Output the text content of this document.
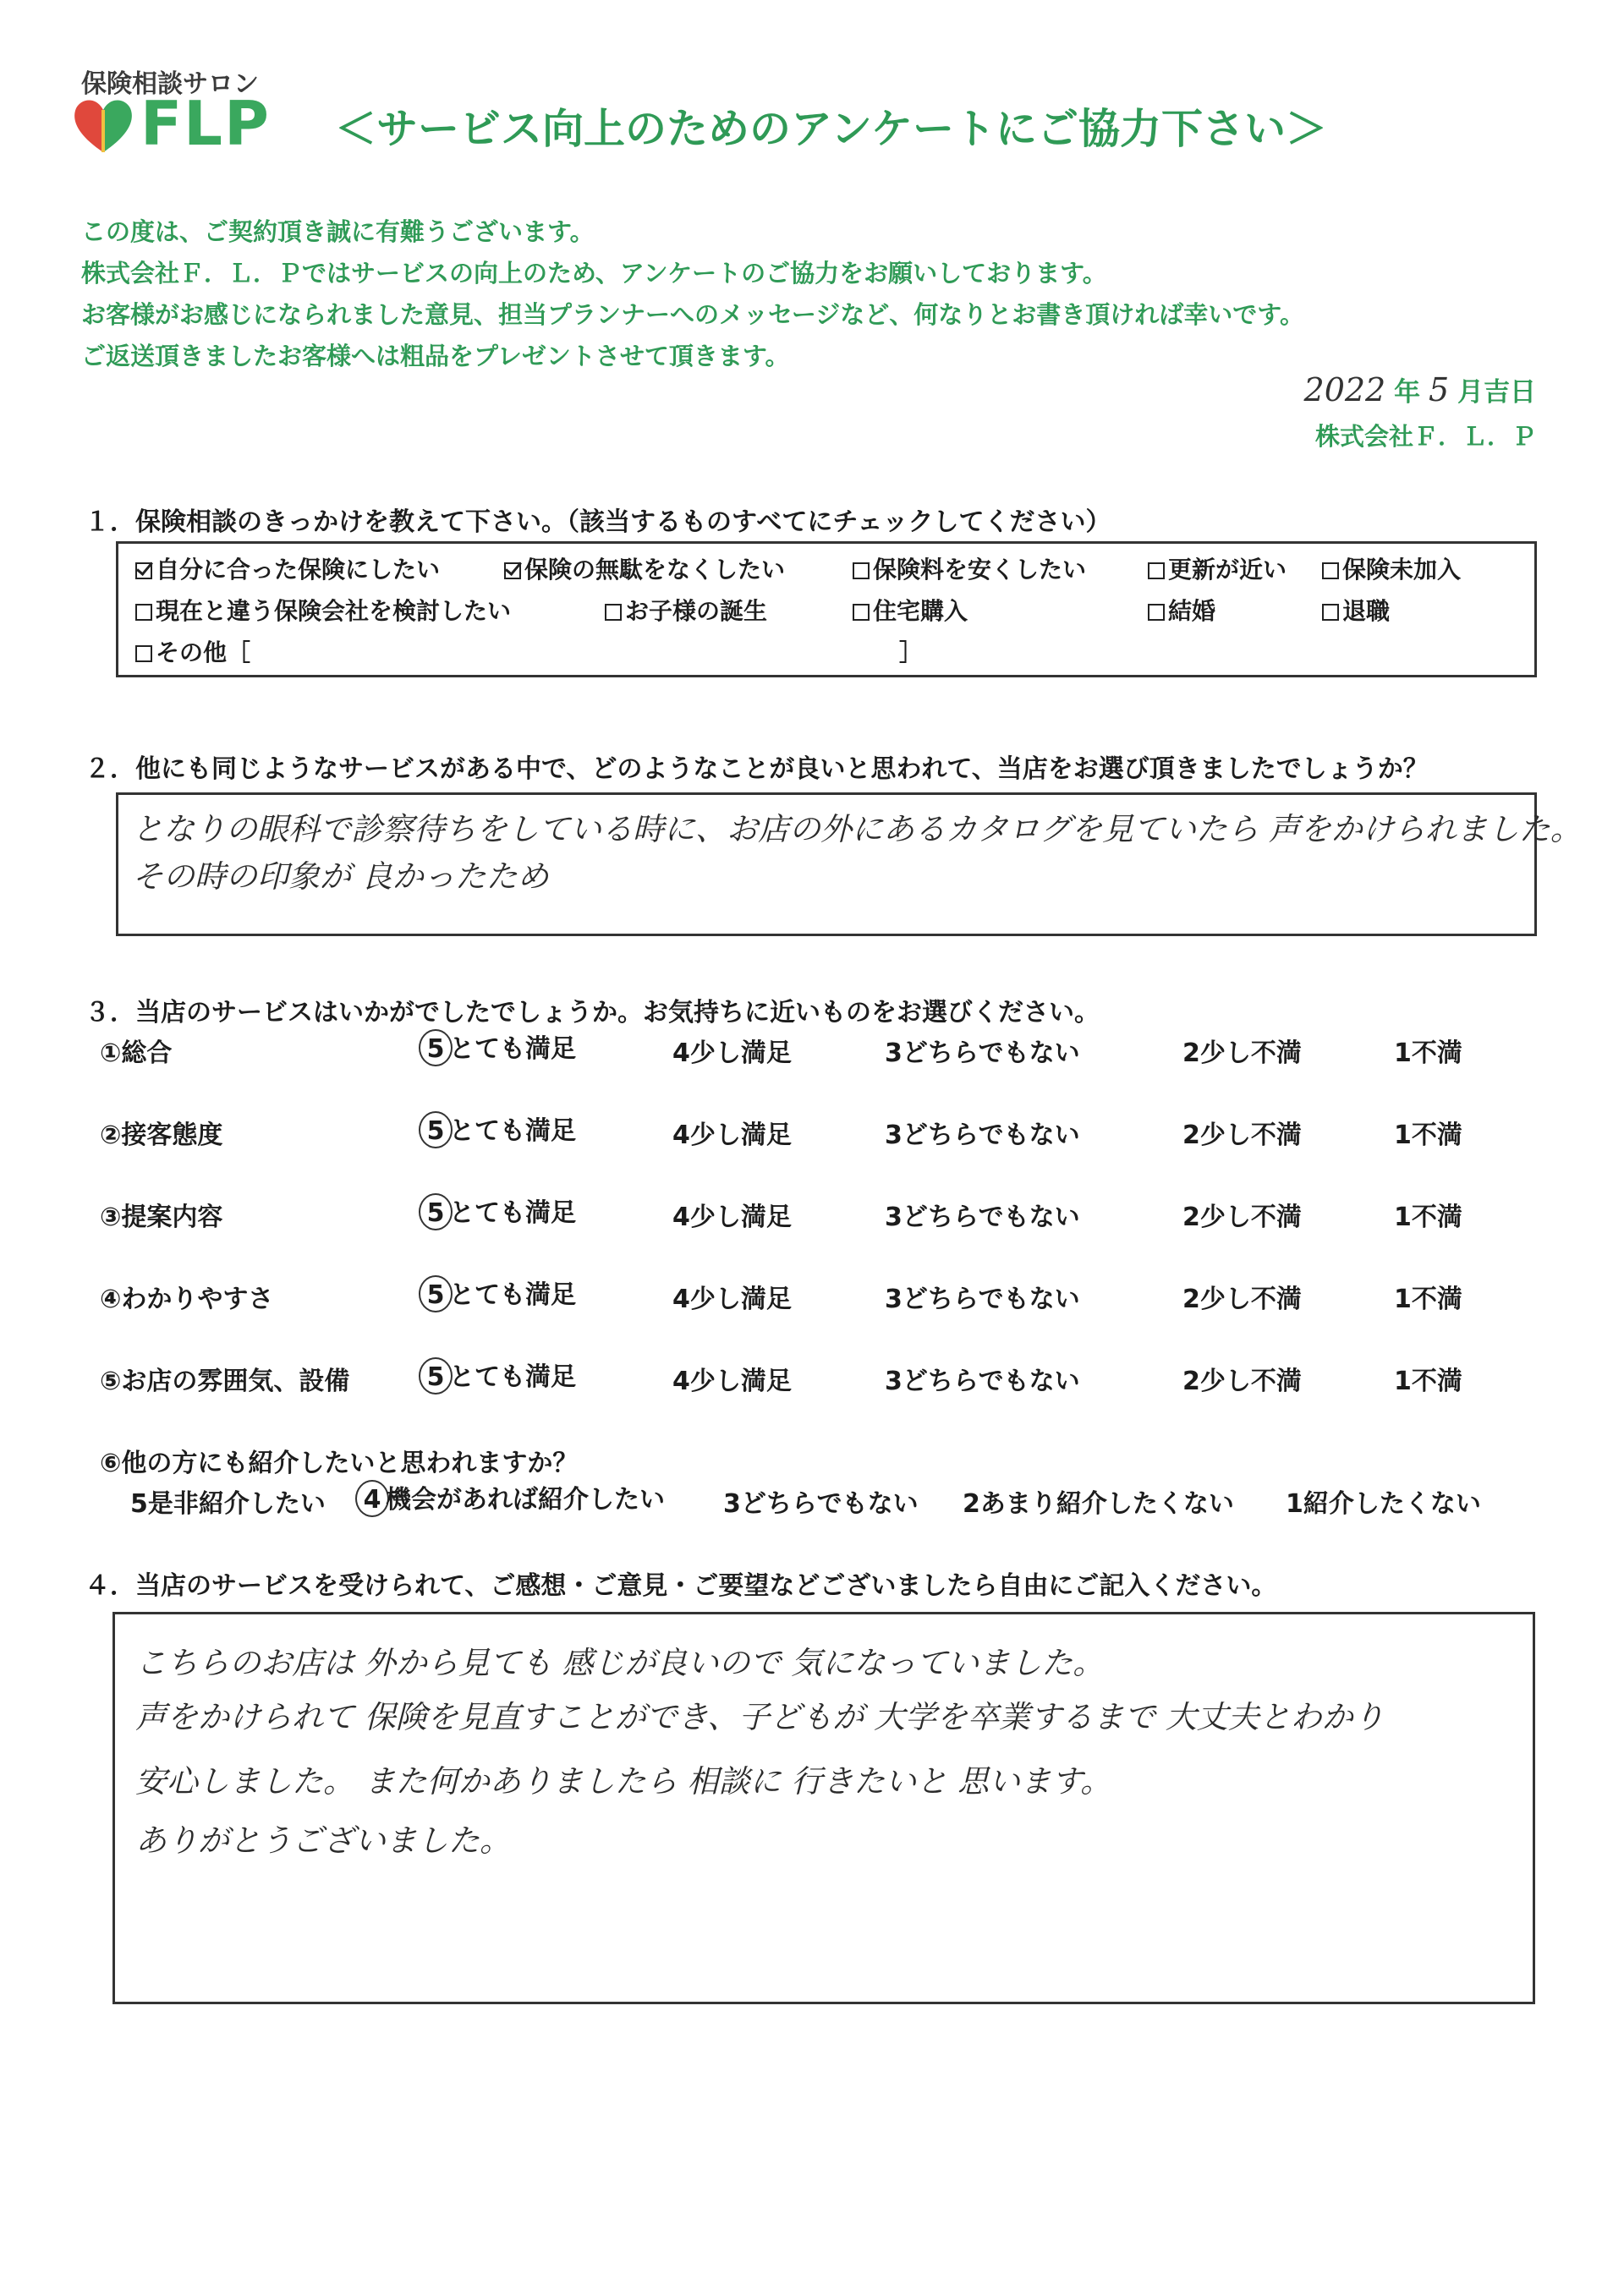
保険相談サロン
FLP ＜サービス向上のためのアンケートにご協力下さい＞
この度は、ご契約頂き誠に有難うございます。
株式会社Ｆ．Ｌ．Ｐではサービスの向上のため、アンケートのご協力をお願いしております。
お客様がお感じになられました意見、担当プランナーへのメッセージなど、何なりとお書き頂ければ幸いです。
ご返送頂きましたお客様へは粗品をプレゼントさせて頂きます。
2022 年 5 月吉日
株式会社Ｆ．Ｌ．Ｐ
１．保険相談のきっかけを教えて下さい。（該当するものすべてにチェックしてください）
自分に合った保険にしたい	保険の無駄をなくしたい	保険料を安くしたい	更新が近い	保険未加入
現在と違う保険会社を検討したい	お子様の誕生	住宅購入	結婚	退職
その他［	］
２．他にも同じようなサービスがある中で、どのようなことが良いと思われて、当店をお選び頂きましたでしょうか？
となりの眼科で診察待ちをしている時に、お店の外にあるカタログを見ていたら 声をかけられました。
その時の印象が 良かったため
３．当店のサービスはいかがでしたでしょうか。お気持ちに近いものをお選びください。
①総合	5 とても満足	4少し満足	3どちらでもない	2少し不満	1不満
②接客態度	5 とても満足	4少し満足	3どちらでもない	2少し不満	1不満
③提案内容	5 とても満足	4少し満足	3どちらでもない	2少し不満	1不満
④わかりやすさ	5 とても満足	4少し満足	3どちらでもない	2少し不満	1不満
⑤お店の雰囲気、設備	5 とても満足	4少し満足	3どちらでもない	2少し不満	1不満
⑥他の方にも紹介したいと思われますか？
5是非紹介したい	4 機会があれば紹介したい 3どちらでもない 2あまり紹介したくない 1紹介したくない
４．当店のサービスを受けられて、ご感想・ご意見・ご要望などございましたら自由にご記入ください。
こちらのお店は 外から見ても 感じが良いので 気になっていました。
声をかけられて 保険を見直すことができ、子どもが 大学を卒業するまで 大丈夫とわかり
安心しました。 また何かありましたら 相談に 行きたいと 思います。
ありがとうございました。
